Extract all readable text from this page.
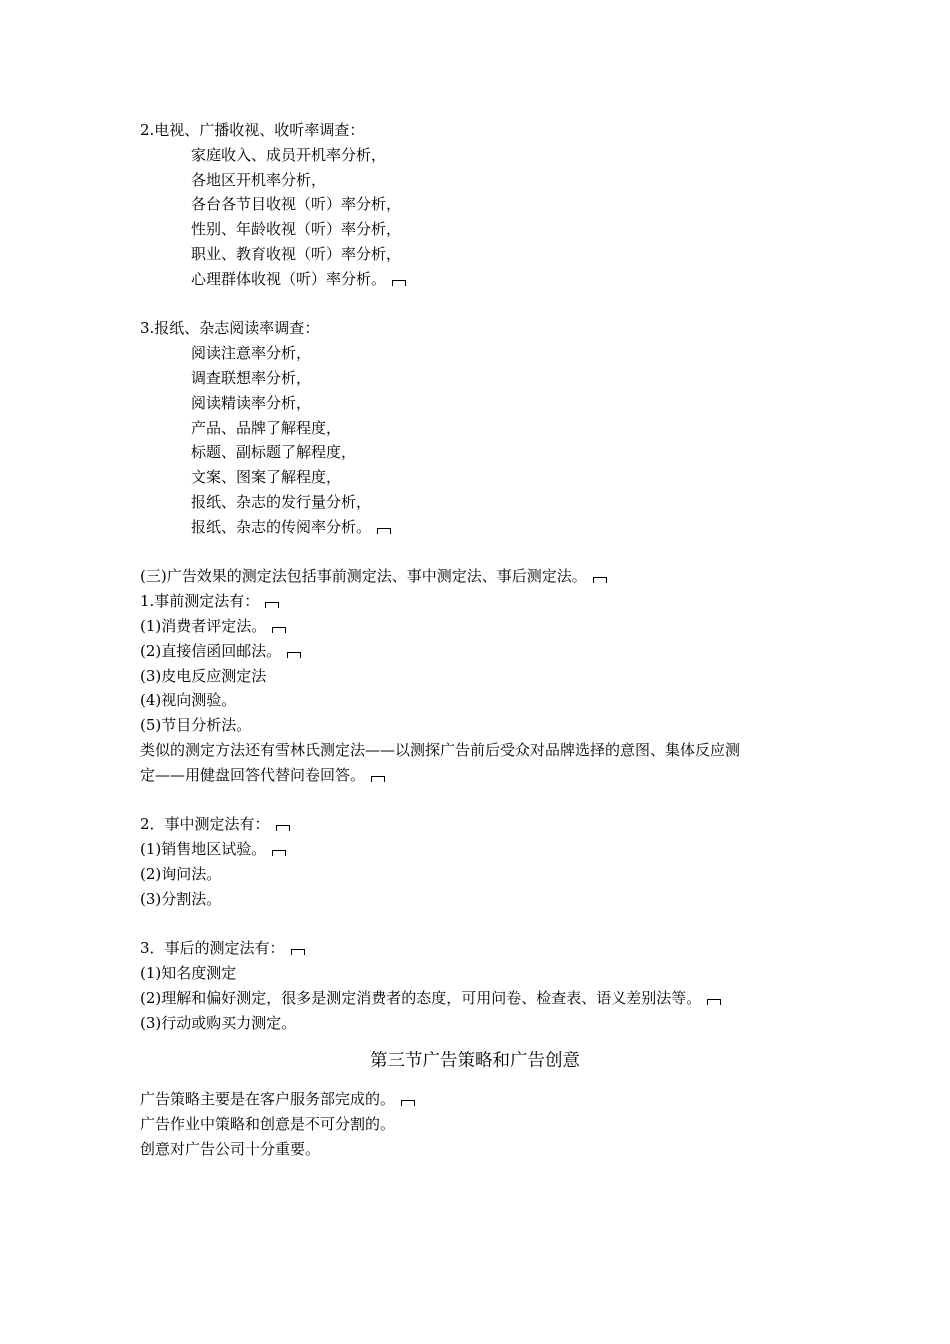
2.电视、广播收视、收听率调查：
家庭收入、成员开机率分析，
各地区开机率分析，
各台各节目收视（听）率分析，
性别、年龄收视（听）率分析，
职业、教育收视（听）率分析，
心理群体收视（听）率分析。
3.报纸、杂志阅读率调查：
阅读注意率分析，
调查联想率分析，
阅读精读率分析，
产品、品牌了解程度，
标题、副标题了解程度，
文案、图案了解程度，
报纸、杂志的发行量分析，
报纸、杂志的传阅率分析。
(三)广告效果的测定法包括事前测定法、事中测定法、事后测定法。
1.事前测定法有：
(1)消费者评定法。
(2)直接信函回邮法。
(3)皮电反应测定法
(4)视向测验。
(5)节目分析法。
类似的测定方法还有雪林氏测定法——以测探广告前后受众对品牌选择的意图、集体反应测
定——用健盘回答代替问卷回答。
2．事中测定法有：
(1)销售地区试验。
(2)询问法。
(3)分割法。
3．事后的测定法有：
(1)知名度测定
(2)理解和偏好测定，很多是测定消费者的态度，可用问卷、检查表、语义差别法等。
(3)行动或购买力测定。
第三节广告策略和广告创意
广告策略主要是在客户服务部完成的。
广告作业中策略和创意是不可分割的。
创意对广告公司十分重要。
